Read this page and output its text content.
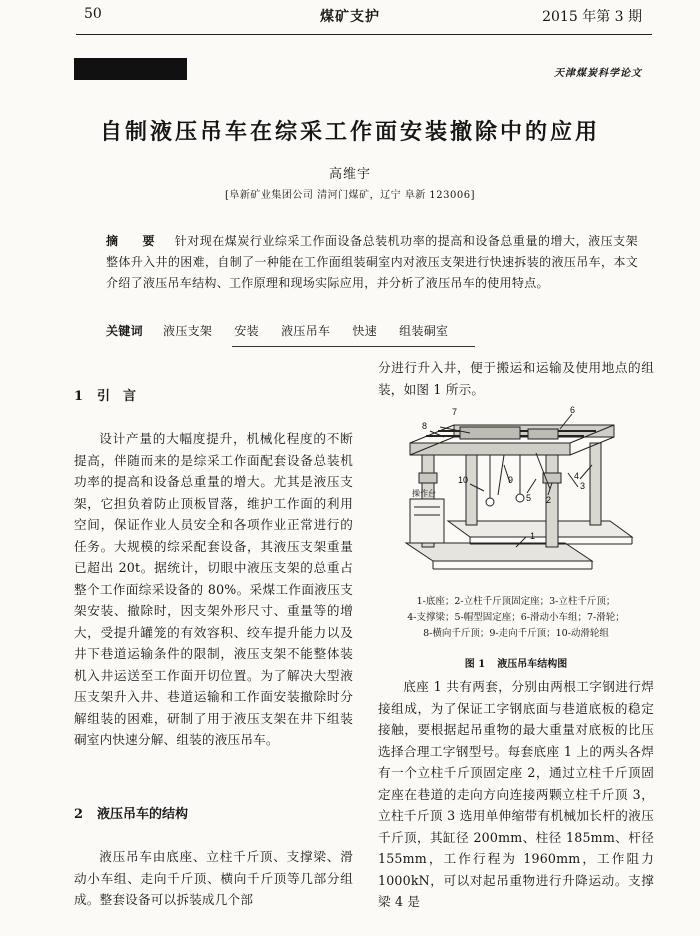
50	煤矿支护	2015 年第 3 期
天津煤炭科学论文
自制液压吊车在综采工作面安装撤除中的应用
高维宇
[阜新矿业集团公司 清河门煤矿，辽宁 阜新 123006]
摘　要 针对现在煤炭行业综采工作面设备总装机功率的提高和设备总重量的增大，液压支架整体升入井的困难，自制了一种能在工作面组装硐室内对液压支架进行快速拆装的液压吊车，本文介绍了液压吊车结构、工作原理和现场实际应用，并分析了液压吊车的使用特点。
关键词 液压支架 安装 液压吊车 快速 组装硐室
1 引　言
设计产量的大幅度提升，机械化程度的不断提高，伴随而来的是综采工作面配套设备总装机功率的提高和设备总重量的增大。尤其是液压支架，它担负着防止顶板冒落，维护工作面的利用空间，保证作业人员安全和各项作业正常进行的任务。大规模的综采配套设备，其液压支架重量已超出 20t。据统计，切眼中液压支架的总重占整个工作面综采设备的 80%。采煤工作面液压支架安装、撤除时，因支架外形尺寸、重量等的增大，受提升罐笼的有效容积、绞车提升能力以及井下巷道运输条件的限制，液压支架不能整体装机入井运送至工作面开切位置。为了解决大型液压支架升入井、巷道运输和工作面安装撤除时分解组装的困难，研制了用于液压支架在井下组装硐室内快速分解、组装的液压吊车。
2 液压吊车的结构
液压吊车由底座、立柱千斤顶、支撑梁、滑动小车组、走向千斤顶、横向千斤顶等几部分组成。整套设备可以拆装成几个部
分进行升入井，便于搬运和运输及使用地点的组装，如图 1 所示。
7
8
6
10	9
5
3
4
2
1
操作台
1-底座；2-立柱千斤顶固定座；3-立柱千斤顶；
4-支撑梁；5-帽型固定座；6-滑动小车组；7-滑轮；
8-横向千斤顶；9-走向千斤顶；10-动滑轮组
图 1 液压吊车结构图
底座 1 共有两套，分别由两根工字钢进行焊接组成，为了保证工字钢底面与巷道底板的稳定接触，要根据起吊重物的最大重量对底板的比压选择合理工字钢型号。每套底座 1 上的两头各焊有一个立柱千斤顶固定座 2，通过立柱千斤顶固定座在巷道的走向方向连接两颗立柱千斤顶 3，立柱千斤顶 3 选用单伸缩带有机械加长杆的液压千斤顶，其缸径 200mm、柱径 185mm、杆径 155mm，工作行程为 1960mm，工作阻力 1000kN，可以对起吊重物进行升降运动。支撑梁 4 是
